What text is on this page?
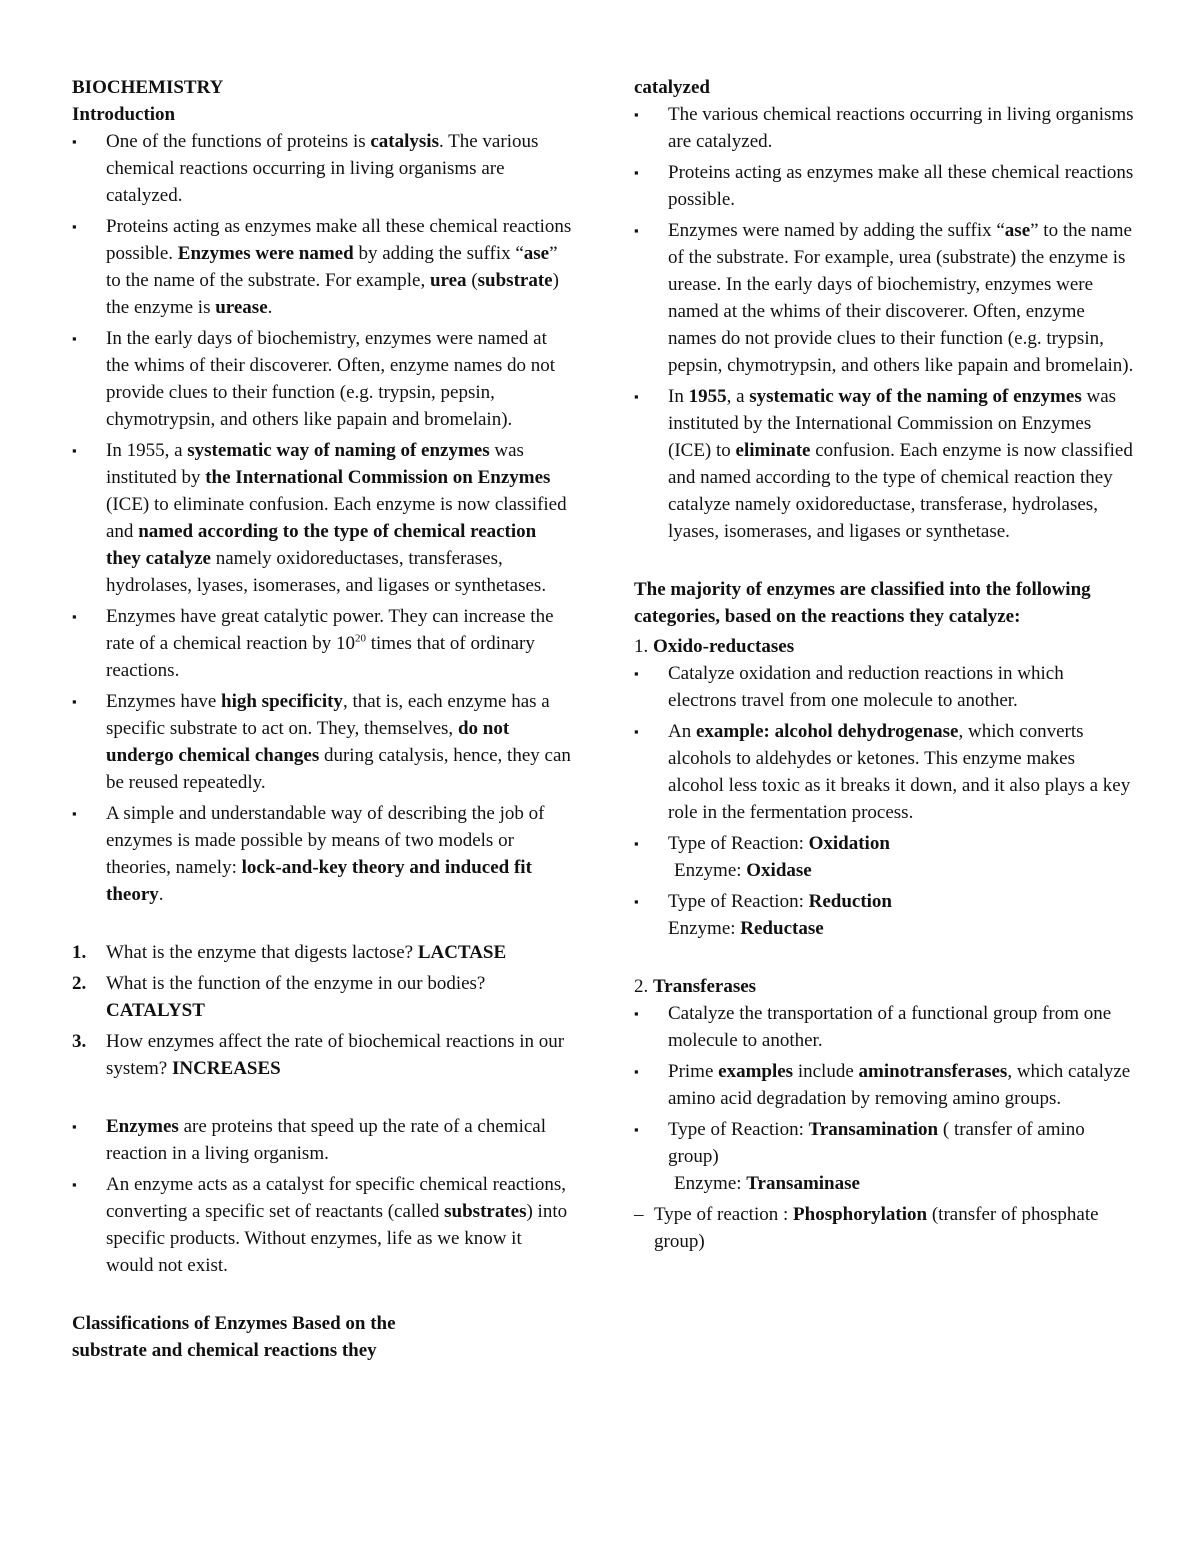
BIOCHEMISTRY

Introduction

▪	One of the functions of proteins is catalysis. The various chemical reactions occurring in living organisms are catalyzed.
▪	Proteins acting as enzymes make all these chemical reactions possible. Enzymes were named by adding the suffix “ase” to the name of the substrate. For example, urea (substrate) the enzyme is urease.
▪	In the early days of biochemistry, enzymes were named at the whims of their discoverer. Often, enzyme names do not provide clues to their function (e.g. trypsin, pepsin, chymotrypsin, and others like papain and bromelain).
▪	In 1955, a systematic way of naming of enzymes was instituted by the International Commission on Enzymes (ICE) to eliminate confusion. Each enzyme is now classified and named according to the type of chemical reaction they catalyze namely oxidoreductases, transferases, hydrolases, lyases, isomerases, and ligases or synthetases.
▪	Enzymes have great catalytic power. They can increase the rate of a chemical reaction by $10^{20}$ times that of ordinary reactions.
▪	Enzymes have high specificity, that is, each enzyme has a specific substrate to act on. They, themselves, do not undergo chemical changes during catalysis, hence, they can be reused repeatedly.
▪	A simple and understandable way of describing the job of enzymes is made possible by means of two models or theories, namely: lock-and-key theory and induced fit theory.
1.	What is the enzyme that digests lactose? LACTASE
2.	What is the function of the enzyme in our bodies? CATALYST
3.	How enzymes affect the rate of biochemical reactions in our system? INCREASES
▪	Enzymes are proteins that speed up the rate of a chemical reaction in a living organism.
▪	An enzyme acts as a catalyst for specific chemical reactions, converting a specific set of reactants (called substrates) into specific products. Without enzymes, life as we know it would not exist.

Classifications of Enzymes Based on the substrate and chemical reactions they

catalyzed

▪	The various chemical reactions occurring in living organisms are catalyzed.
▪	Proteins acting as enzymes make all these chemical reactions possible.
▪	Enzymes were named by adding the suffix “ase” to the name of the substrate. For example, urea (substrate) the enzyme is urease. In the early days of biochemistry, enzymes were named at the whims of their discoverer. Often, enzyme names do not provide clues to their function (e.g. trypsin, pepsin, chymotrypsin, and others like papain and bromelain).
▪	In 1955, a systematic way of the naming of enzymes was instituted by the International Commission on Enzymes (ICE) to eliminate confusion. Each enzyme is now classified and named according to the type of chemical reaction they catalyze namely oxidoreductase, transferase, hydrolases, lyases, isomerases, and ligases or synthetase.

The majority of enzymes are classified into the following categories, based on the reactions they catalyze:

1. Oxido-reductases

▪	Catalyze oxidation and reduction reactions in which electrons travel from one molecule to another.
▪	An example: alcohol dehydrogenase, which converts alcohols to aldehydes or ketones. This enzyme makes alcohol less toxic as it breaks it down, and it also plays a key role in the fermentation process.
▪	Type of Reaction: Oxidation
Enzyme: Oxidase
▪	Type of Reaction: Reduction
Enzyme: Reductase

2. Transferases

▪	Catalyze the transportation of a functional group from one molecule to another.
▪	Prime examples include aminotransferases, which catalyze amino acid degradation by removing amino groups.
▪	Type of Reaction: Transamination ( transfer of amino group)
Enzyme: Transaminase
– Type of reaction : Phosphorylation (transfer of phosphate group)
